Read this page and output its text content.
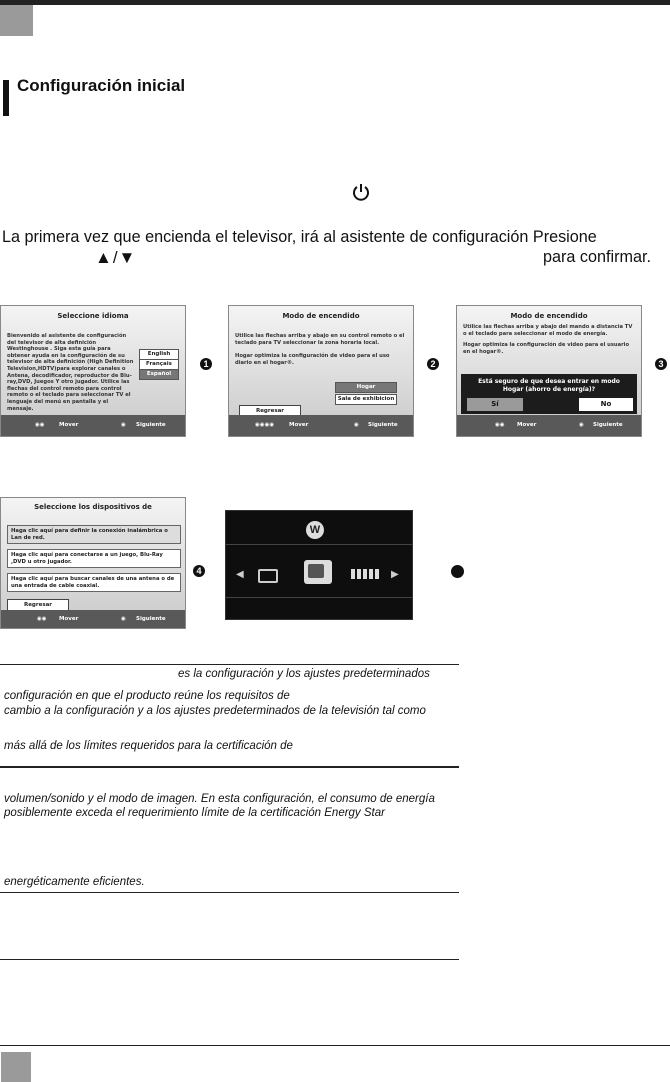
Configuración inicial
La primera vez que encienda el televisor, irá al asistente de configuración Presione
▲/▼	para confirmar.
Seleccione idioma
Bienvenido al asistente de configuración del televisor de alta definición Westinghouse . Siga esta guía para obtener ayuda en la configuración de su televisor de alta definición (High Definition Television,HDTV)para explorar canales o Antena, decodificador, reproductor de Blu-ray,DVD, Juegos Y otro jugador. Utilice las flechas del control remoto para control remoto o el teclado para seleccionar TV el lenguaje del menú en pantalla y el mensaje.
English
Français
Español
◉◉	Mover	◉ Siguiente
1
Modo de encendido
Utilice las flechas arriba y abajo en su control remoto o el teclado para TV seleccionar la zona horaria local.
Hogar optimiza la configuración de video para el uso diario en el hogar®.
Hogar
Sala de exhibicion
Regresar
◉◉◉◉	Mover	◉ Siguiente
2
Modo de encendido
Utilice las flechas arriba y abajo del mando a distancia TV o el teclado para seleccionar el modo de energía.
Hogar optimiza la configuración de video para el usuario en el hogar®.
Está seguro de que desea entrar en modo
Hogar (ahorro de energía)?
Sí	No
◉◉ Mover	◉ Siguiente
3
Seleccione los dispositivos de
Haga clic aquí para definir la conexión inalámbrica o Lan de red.
Haga clic aquí para conectarse a un juego, Blu-Ray ,DVD u otro jugador.
Haga clic aquí para buscar canales de una antena o de una entrada de cable coaxial.
Regresar
◉◉ Mover	◉ Siguiente
4
W
◀	▶
es la configuración y los ajustes predeterminados
configuración en que el producto reúne los requisitos de
cambio a la configuración y a los ajustes predeterminados de la televisión tal como
más allá de los límites requeridos para la certificación de
volumen/sonido y el modo de imagen. En esta configuración, el consumo de energía
posiblemente exceda el requerimiento límite de la certificación Energy Star
energéticamente eficientes.
